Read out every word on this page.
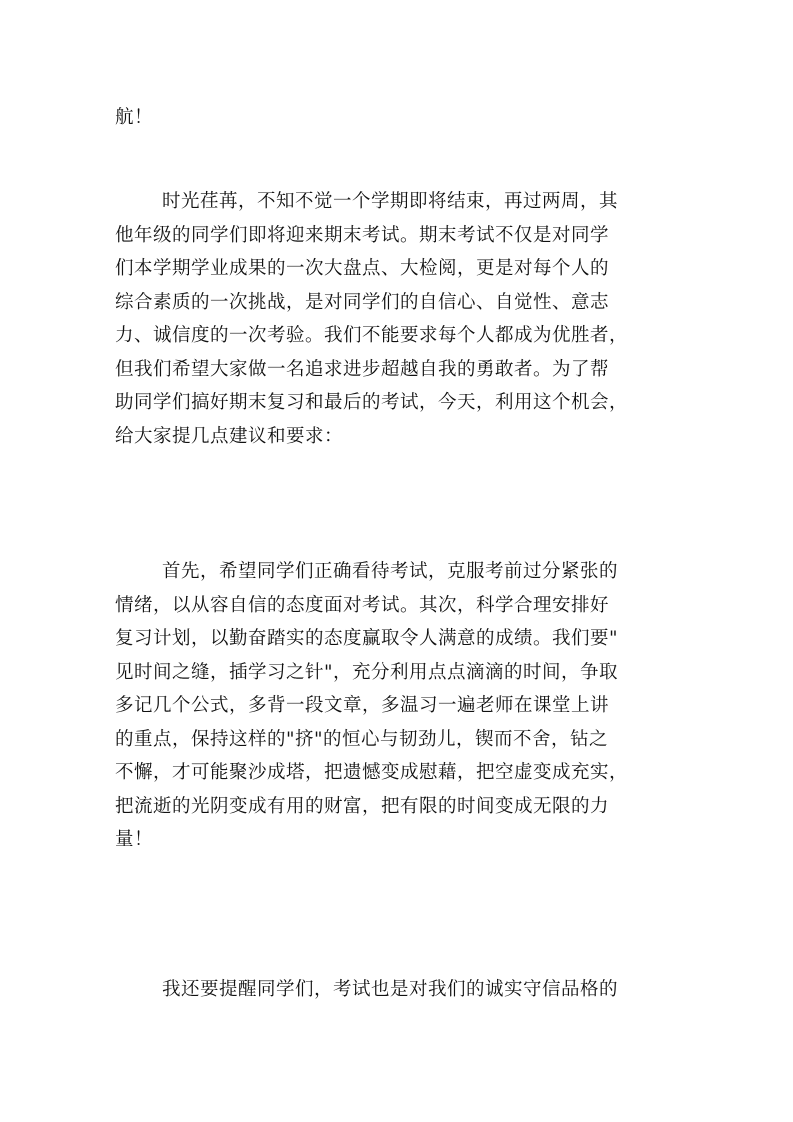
航！
时光荏苒，不知不觉一个学期即将结束，再过两周，其
他年级的同学们即将迎来期末考试。期末考试不仅是对同学
们本学期学业成果的一次大盘点、大检阅，更是对每个人的
综合素质的一次挑战，是对同学们的自信心、自觉性、意志
力、诚信度的一次考验。我们不能要求每个人都成为优胜者，
但我们希望大家做一名追求进步超越自我的勇敢者。为了帮
助同学们搞好期末复习和最后的考试，今天，利用这个机会，
给大家提几点建议和要求：
首先，希望同学们正确看待考试，克服考前过分紧张的
情绪，以从容自信的态度面对考试。其次，科学合理安排好
复习计划，以勤奋踏实的态度赢取令人满意的成绩。我们要"
见时间之缝，插学习之针"，充分利用点点滴滴的时间，争取
多记几个公式，多背一段文章，多温习一遍老师在课堂上讲
的重点，保持这样的"挤"的恒心与韧劲儿，锲而不舍，钻之
不懈，才可能聚沙成塔，把遗憾变成慰藉，把空虚变成充实，
把流逝的光阴变成有用的财富，把有限的时间变成无限的力
量！
我还要提醒同学们，考试也是对我们的诚实守信品格的
